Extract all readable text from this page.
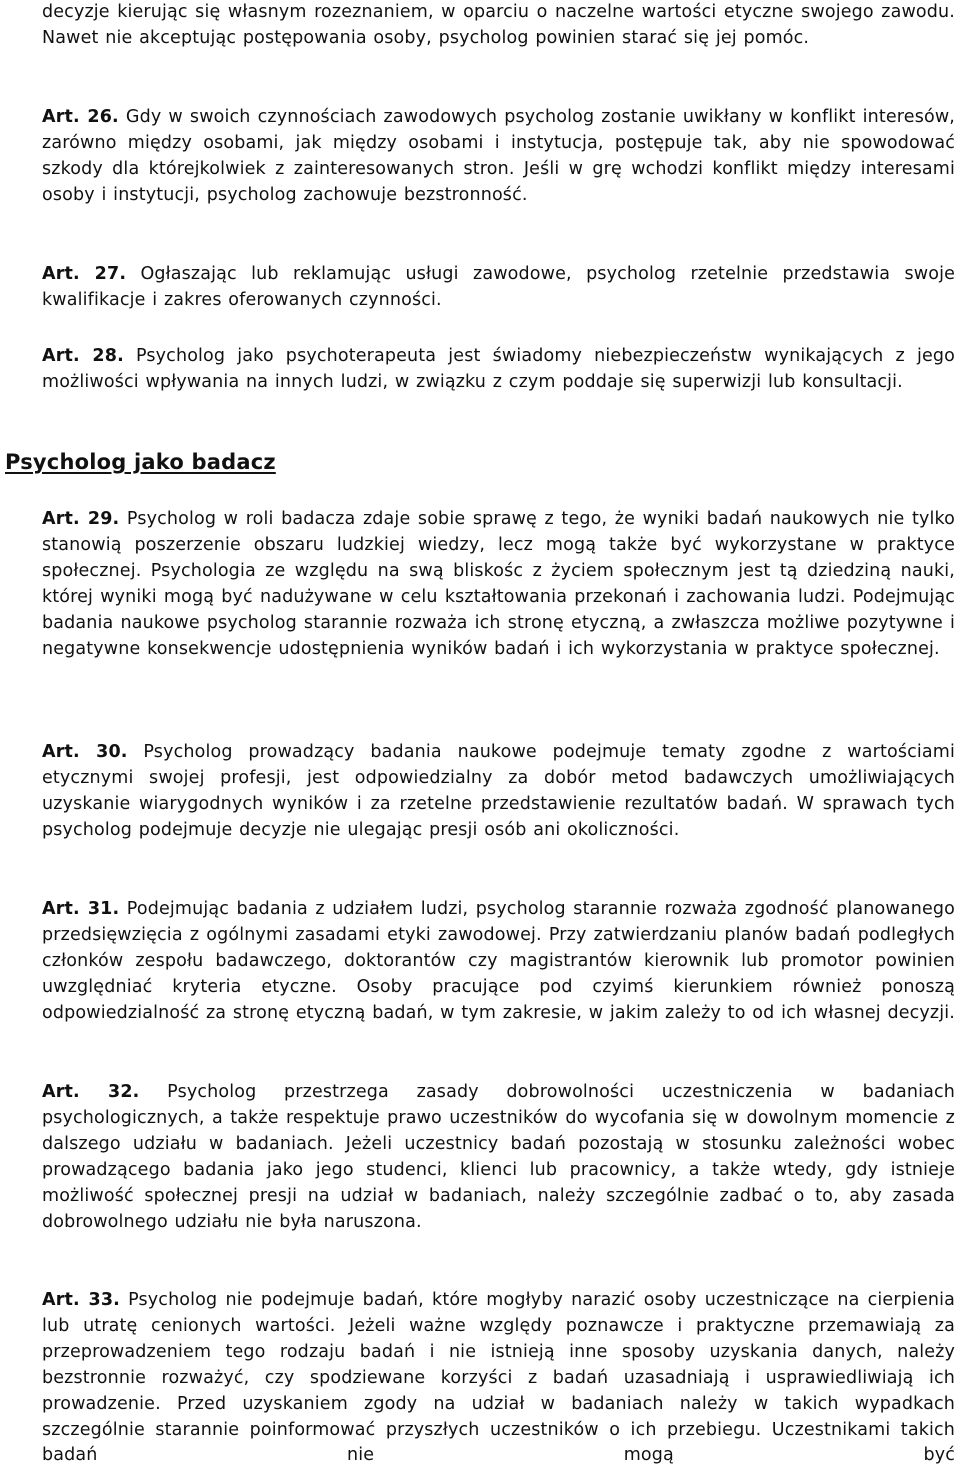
decyzje kierując się własnym rozeznaniem, w oparciu o naczelne wartości etyczne swojego zawodu. Nawet nie akceptując postępowania osoby, psycholog powinien starać się jej pomóc.

Art. 26. Gdy w swoich czynnościach zawodowych psycholog zostanie uwikłany w konflikt interesów, zarówno między osobami, jak między osobami i instytucja, postępuje tak, aby nie spowodować szkody dla którejkolwiek z zainteresowanych stron. Jeśli w grę wchodzi konflikt między interesami osoby i instytucji, psycholog zachowuje bezstronność.

Art. 27. Ogłaszając lub reklamując usługi zawodowe, psycholog rzetelnie przedstawia swoje kwalifikacje i zakres oferowanych czynności.

Art. 28. Psycholog jako psychoterapeuta jest świadomy niebezpieczeństw wynikających z jego możliwości wpływania na innych ludzi, w związku z czym poddaje się superwizji lub konsultacji.

Psycholog jako badacz

Art. 29. Psycholog w roli badacza zdaje sobie sprawę z tego, że wyniki badań naukowych nie tylko stanowią poszerzenie obszaru ludzkiej wiedzy, lecz mogą także być wykorzystane w praktyce społecznej. Psychologia ze względu na swą bliskośc z życiem społecznym jest tą dziedziną nauki, której wyniki mogą być nadużywane w celu kształtowania przekonań i zachowania ludzi. Podejmując badania naukowe psycholog starannie rozważa ich stronę etyczną, a zwłaszcza możliwe pozytywne i negatywne konsekwencje udostępnienia wyników badań i ich wykorzystania w praktyce społecznej.

Art. 30. Psycholog prowadzący badania naukowe podejmuje tematy zgodne z wartościami etycznymi swojej profesji, jest odpowiedzialny za dobór metod badawczych umożliwiających uzyskanie wiarygodnych wyników i za rzetelne przedstawienie rezultatów badań. W sprawach tych psycholog podejmuje decyzje nie ulegając presji osób ani okoliczności.

Art. 31. Podejmując badania z udziałem ludzi, psycholog starannie rozważa zgodność planowanego przedsięwzięcia z ogólnymi zasadami etyki zawodowej. Przy zatwierdzaniu planów badań podległych członków zespołu badawczego, doktorantów czy magistrantów kierownik lub promotor powinien uwzględniać kryteria etyczne. Osoby pracujące pod czyimś kierunkiem również ponoszą odpowiedzialność za stronę etyczną badań, w tym zakresie, w jakim zależy to od ich własnej decyzji.

Art. 32. Psycholog przestrzega zasady dobrowolności uczestniczenia w badaniach psychologicznych, a także respektuje prawo uczestników do wycofania się w dowolnym momencie z dalszego udziału w badaniach. Jeżeli uczestnicy badań pozostają w stosunku zależności wobec prowadzącego badania jako jego studenci, klienci lub pracownicy, a także wtedy, gdy istnieje możliwość społecznej presji na udział w badaniach, należy szczególnie zadbać o to, aby zasada dobrowolnego udziału nie była naruszona.

Art. 33. Psycholog nie podejmuje badań, które mogłyby narazić osoby uczestniczące na cierpienia lub utratę cenionych wartości. Jeżeli ważne względy poznawcze i praktyczne przemawiają za przeprowadzeniem tego rodzaju badań i nie istnieją inne sposoby uzyskania danych, należy bezstronnie rozważyć, czy spodziewane korzyści z badań uzasadniają i usprawiedliwiają ich prowadzenie. Przed uzyskaniem zgody na udział w badaniach należy w takich wypadkach szczególnie starannie poinformować przyszłych uczestników o ich przebiegu. Uczestnikami takich badań nie mogą być
